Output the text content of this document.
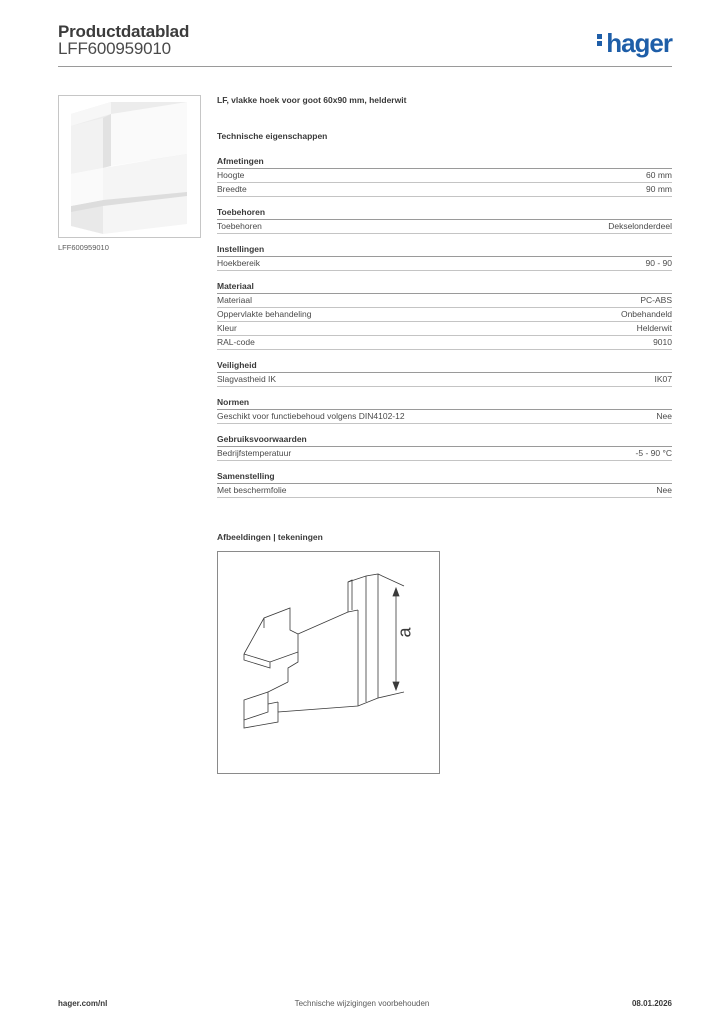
Productdatablad
LFF600959010	hager
LFF600959010
LF, vlakke hoek voor goot 60x90 mm, helderwit
Technische eigenschappen
Afmetingen
Hoogte	60 mm
Breedte	90 mm
Toebehoren
Toebehoren	Dekselonderdeel
Instellingen
Hoekbereik	90 - 90
Materiaal
Materiaal	PC-ABS
Oppervlakte behandeling	Onbehandeld
Kleur	Helderwit
RAL-code	9010
Veiligheid
Slagvastheid IK	IK07
Normen
Geschikt voor functiebehoud volgens DIN4102-12	Nee
Gebruiksvoorwaarden
Bedrijfstemperatuur	-5 - 90 °C
Samenstelling
Met beschermfolie	Nee
Afbeeldingen | tekeningen
a
hager.com/nl	Technische wijzigingen voorbehouden	08.01.2026
